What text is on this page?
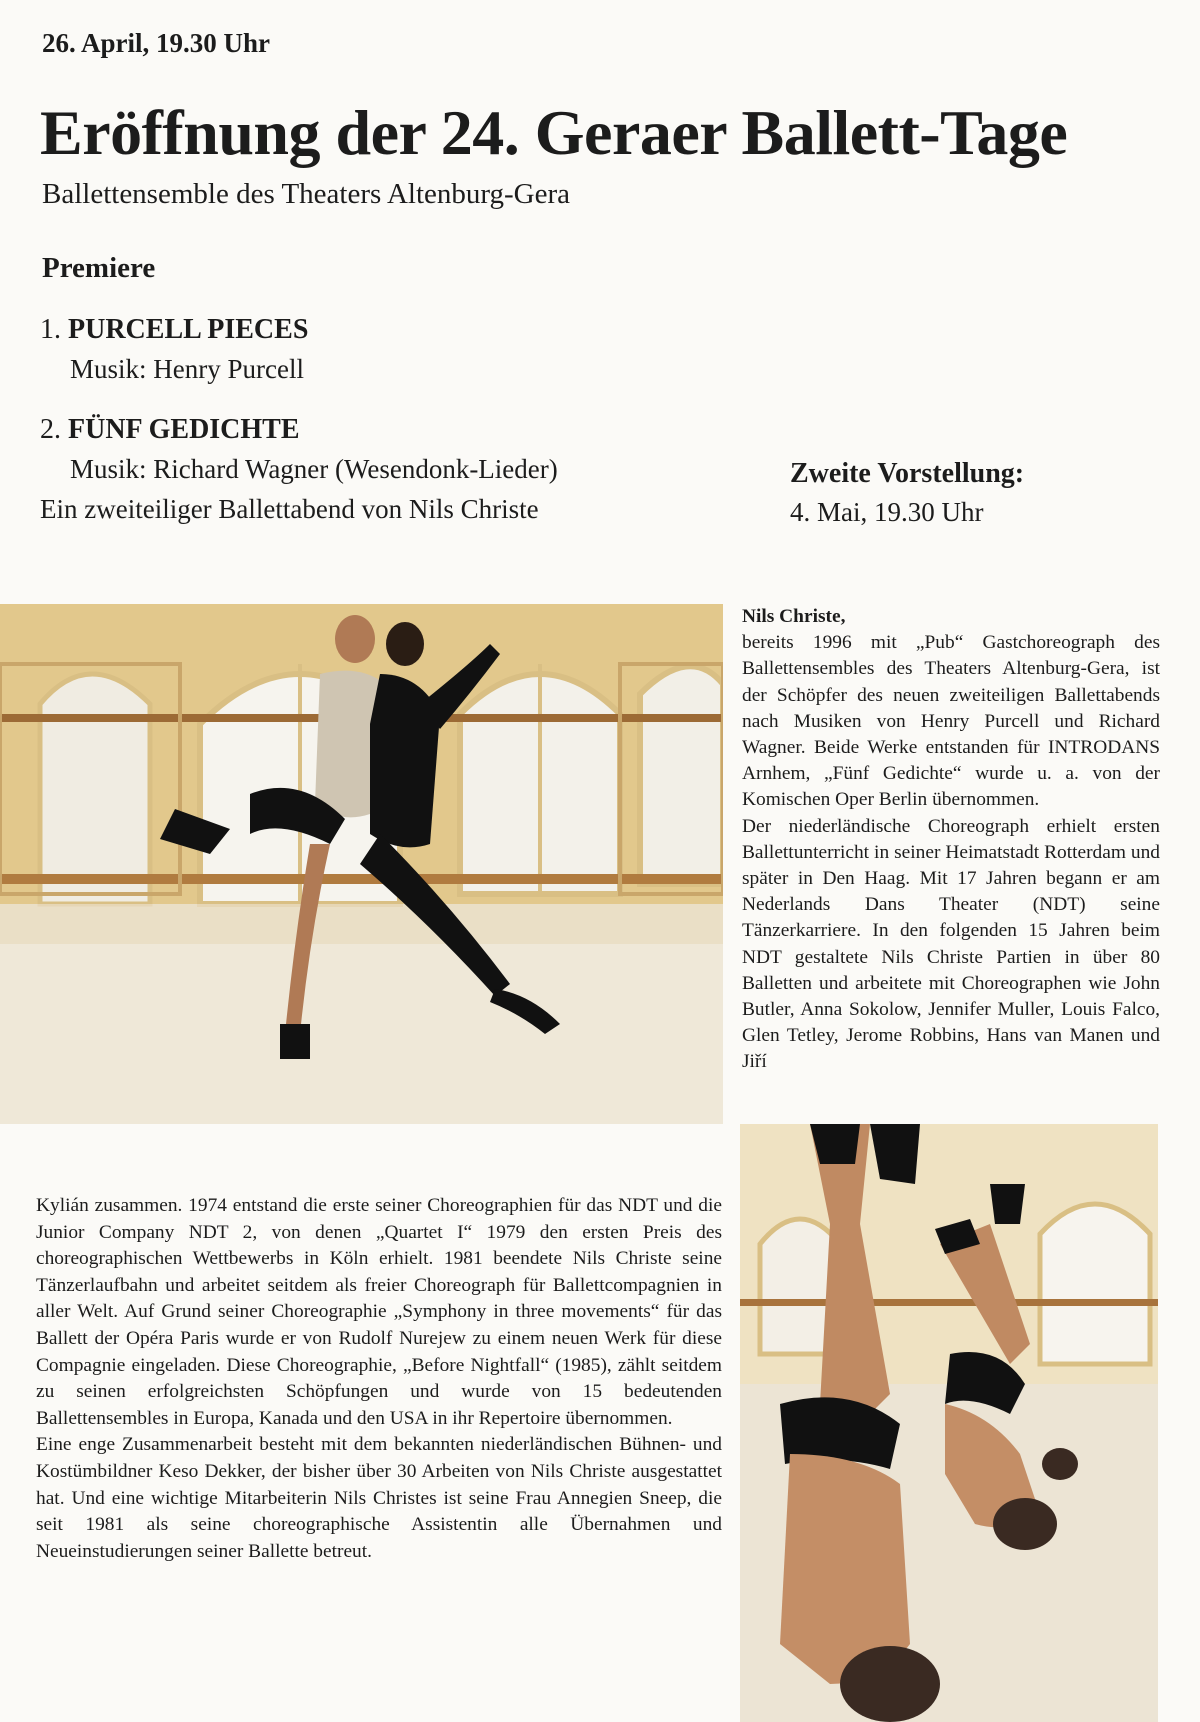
26. April, 19.30 Uhr
Eröffnung der 24. Geraer Ballett-Tage
Ballettensemble des Theaters Altenburg-Gera
Premiere
1. PURCELL PIECES
Musik: Henry Purcell
2. FÜNF GEDICHTE
Musik: Richard Wagner (Wesendonk-Lieder)
Ein zweiteiliger Ballettabend von Nils Christe
Zweite Vorstellung:
4. Mai, 19.30 Uhr

Nils Christe,

bereits 1996 mit „Pub“ Gastchoreograph des Ballettensembles des Theaters Altenburg-Gera, ist der Schöpfer des neuen zweiteiligen Ballettabends nach Musiken von Henry Purcell und Richard Wagner. Beide Werke entstanden für INTRODANS Arnhem, „Fünf Gedichte“ wurde u. a. von der Komischen Oper Berlin übernommen.

Der niederländische Choreograph erhielt ersten Ballettunterricht in seiner Heimatstadt Rotterdam und später in Den Haag. Mit 17 Jahren begann er am Nederlands Dans Theater (NDT) seine Tänzerkarriere. In den folgenden 15 Jahren beim NDT gestaltete Nils Christe Partien in über 80 Balletten und arbeitete mit Choreographen wie John Butler, Anna Sokolow, Jennifer Muller, Louis Falco, Glen Tetley, Jerome Robbins, Hans van Manen und Jiří

Kylián zusammen. 1974 entstand die erste seiner Choreographien für das NDT und die Junior Company NDT 2, von denen „Quartet I“ 1979 den ersten Preis des choreographischen Wettbewerbs in Köln erhielt. 1981 beendete Nils Christe seine Tänzerlaufbahn und arbeitet seitdem als freier Choreograph für Ballettcompagnien in aller Welt. Auf Grund seiner Choreographie „Symphony in three movements“ für das Ballett der Opéra Paris wurde er von Rudolf Nurejew zu einem neuen Werk für diese Compagnie eingeladen. Diese Choreographie, „Before Nightfall“ (1985), zählt seitdem zu seinen erfolgreichsten Schöpfungen und wurde von 15 bedeutenden Ballettensembles in Europa, Kanada und den USA in ihr Repertoire übernommen.

Eine enge Zusammenarbeit besteht mit dem bekannten niederländischen Bühnen- und Kostümbildner Keso Dekker, der bisher über 30 Arbeiten von Nils Christe ausgestattet hat. Und eine wichtige Mitarbeiterin Nils Christes ist seine Frau Annegien Sneep, die seit 1981 als seine choreographische Assistentin alle Übernahmen und Neueinstudierungen seiner Ballette betreut.
